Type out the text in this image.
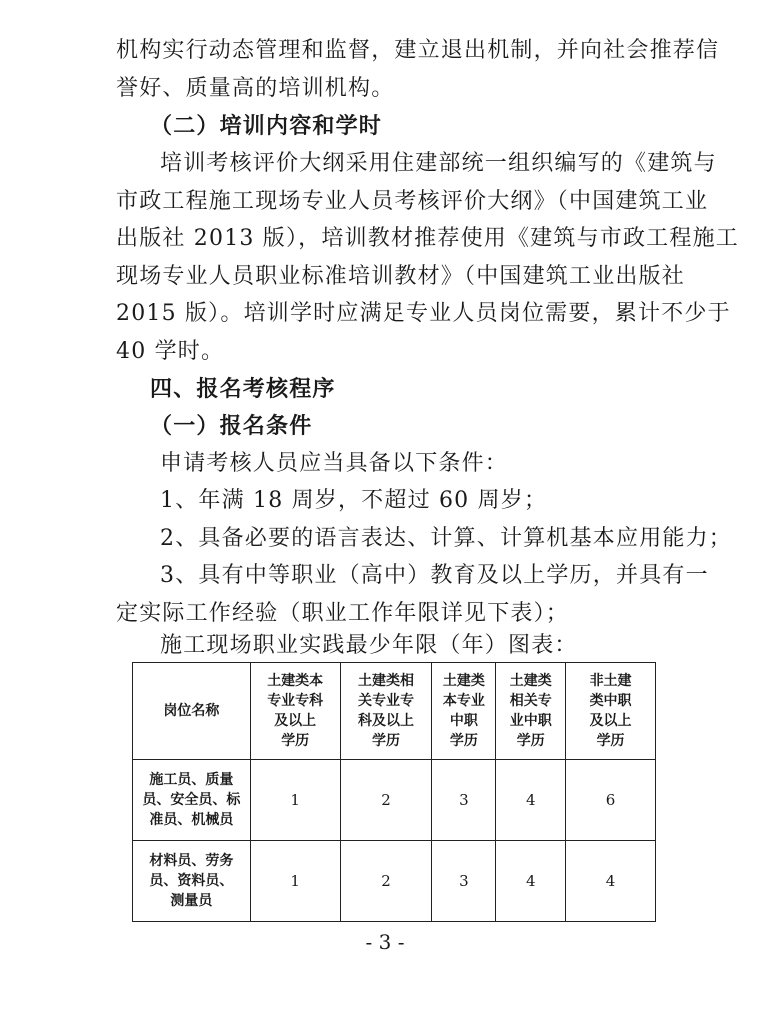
机构实行动态管理和监督，建立退出机制，并向社会推荐信
誉好、质量高的培训机构。
（二）培训内容和学时
培训考核评价大纲采用住建部统一组织编写的《建筑与
市政工程施工现场专业人员考核评价大纲》（中国建筑工业
出版社 2013 版），培训教材推荐使用《建筑与市政工程施工
现场专业人员职业标准培训教材》（中国建筑工业出版社
2015 版）。培训学时应满足专业人员岗位需要，累计不少于
40 学时。
四、报名考核程序
（一）报名条件
申请考核人员应当具备以下条件：
1、年满 18 周岁，不超过 60 周岁；
2、具备必要的语言表达、计算、计算机基本应用能力；
3、具有中等职业（高中）教育及以上学历，并具有一
定实际工作经验（职业工作年限详见下表）；
施工现场职业实践最少年限（年）图表：
岗位名称	土建类本
专业专科
及以上
学历	土建类相
关专业专
科及以上
学历	土建类
本专业
中职
学历	土建类
相关专
业中职
学历	非土建
类中职
及以上
学历
施工员、质量
员、安全员、标
准员、机械员	1	2	3	4	6
材料员、劳务
员、资料员、
测量员	1	2	3	4	4
- 3 -
